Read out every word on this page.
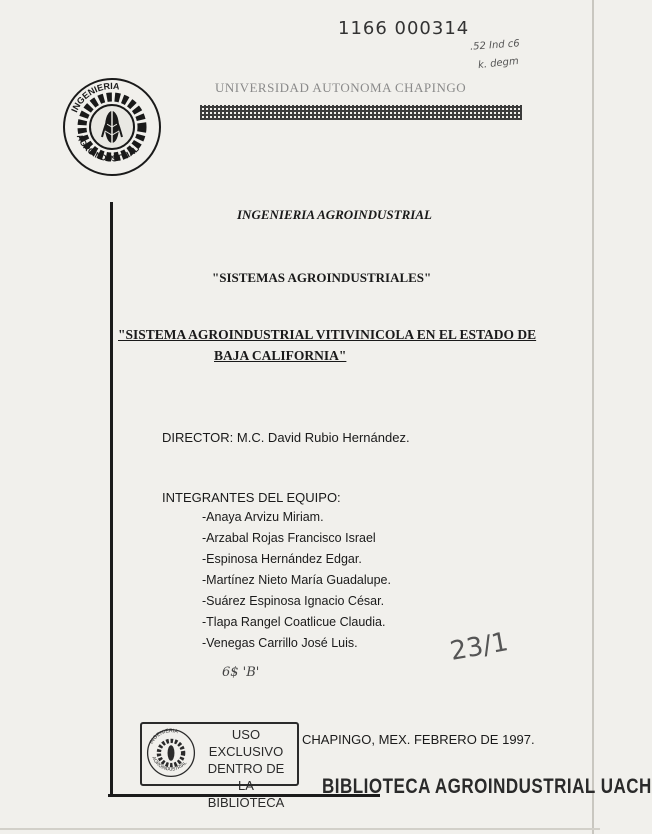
1166 000314
.52 Ind c6
k. degm
INGENIERIA
AGROINDUSTRIAL
UNIVERSIDAD AUTONOMA CHAPINGO
INGENIERIA AGROINDUSTRIAL
"SISTEMAS AGROINDUSTRIALES"
"SISTEMA AGROINDUSTRIAL VITIVINICOLA EN EL ESTADO DE
BAJA CALIFORNIA"
DIRECTOR: M.C. David Rubio Hernández.
INTEGRANTES DEL EQUIPO:
-Anaya Arvizu Miriam.
-Arzabal Rojas Francisco Israel
-Espinosa Hernández Edgar.
-Martínez Nieto María Guadalupe.
-Suárez Espinosa Ignacio César.
-Tlapa Rangel Coatlicue Claudia.
-Venegas Carrillo José Luis.
6$ 'B'
23/1
INGENIERIA
AGROINDUSTRIAL
USO EXCLUSIVO
DENTRO DE LA
BIBLIOTECA
CHAPINGO, MEX. FEBRERO DE 1997.
BIBLIOTECA AGROINDUSTRIAL UACH
